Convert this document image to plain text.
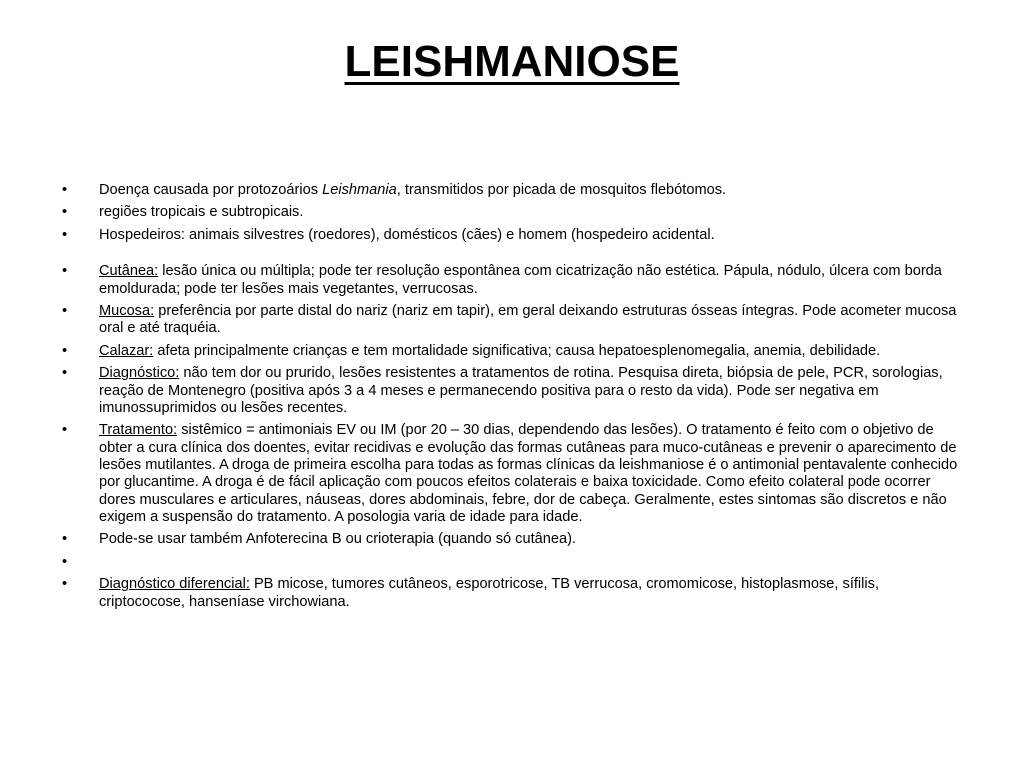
LEISHMANIOSE
• Doença causada por protozoários Leishmania, transmitidos por picada de mosquitos flebótomos.
• regiões tropicais e subtropicais.
• Hospedeiros: animais silvestres (roedores), domésticos (cães) e homem (hospedeiro acidental.
• Cutânea: lesão única ou múltipla; pode ter resolução espontânea com cicatrização não estética. Pápula, nódulo, úlcera com borda emoldurada; pode ter lesões mais vegetantes, verrucosas.
• Mucosa: preferência por parte distal do nariz (nariz em tapir), em geral deixando estruturas ósseas íntegras. Pode acometer mucosa oral e até traquéia.
• Calazar: afeta principalmente crianças e tem mortalidade significativa; causa hepatoesplenomegalia, anemia, debilidade.
• Diagnóstico: não tem dor ou prurido, lesões resistentes a tratamentos de rotina. Pesquisa direta, biópsia de pele, PCR, sorologias, reação de Montenegro (positiva após 3 a 4 meses e permanecendo positiva para o resto da vida). Pode ser negativa em imunossuprimidos ou lesões recentes.
• Tratamento: sistêmico = antimoniais EV ou IM (por 20 – 30 dias, dependendo das lesões). O tratamento é feito com o objetivo de obter a cura clínica dos doentes, evitar recidivas e evolução das formas cutâneas para muco-cutâneas e prevenir o aparecimento de lesões mutilantes. A droga de primeira escolha para todas as formas clínicas da leishmaniose é o antimonial pentavalente conhecido por glucantime. A droga é de fácil aplicação com poucos efeitos colaterais e baixa toxicidade. Como efeito colateral pode ocorrer dores musculares e articulares, náuseas, dores abdominais, febre, dor de cabeça. Geralmente, estes sintomas são discretos e não exigem a suspensão do tratamento. A posologia varia de idade para idade.
• Pode-se usar também Anfoterecina B ou crioterapia (quando só cutânea).
•

• Diagnóstico diferencial: PB micose, tumores cutâneos, esporotricose, TB verrucosa, cromomicose, histoplasmose, sífilis, criptococose, hanseníase virchowiana.
